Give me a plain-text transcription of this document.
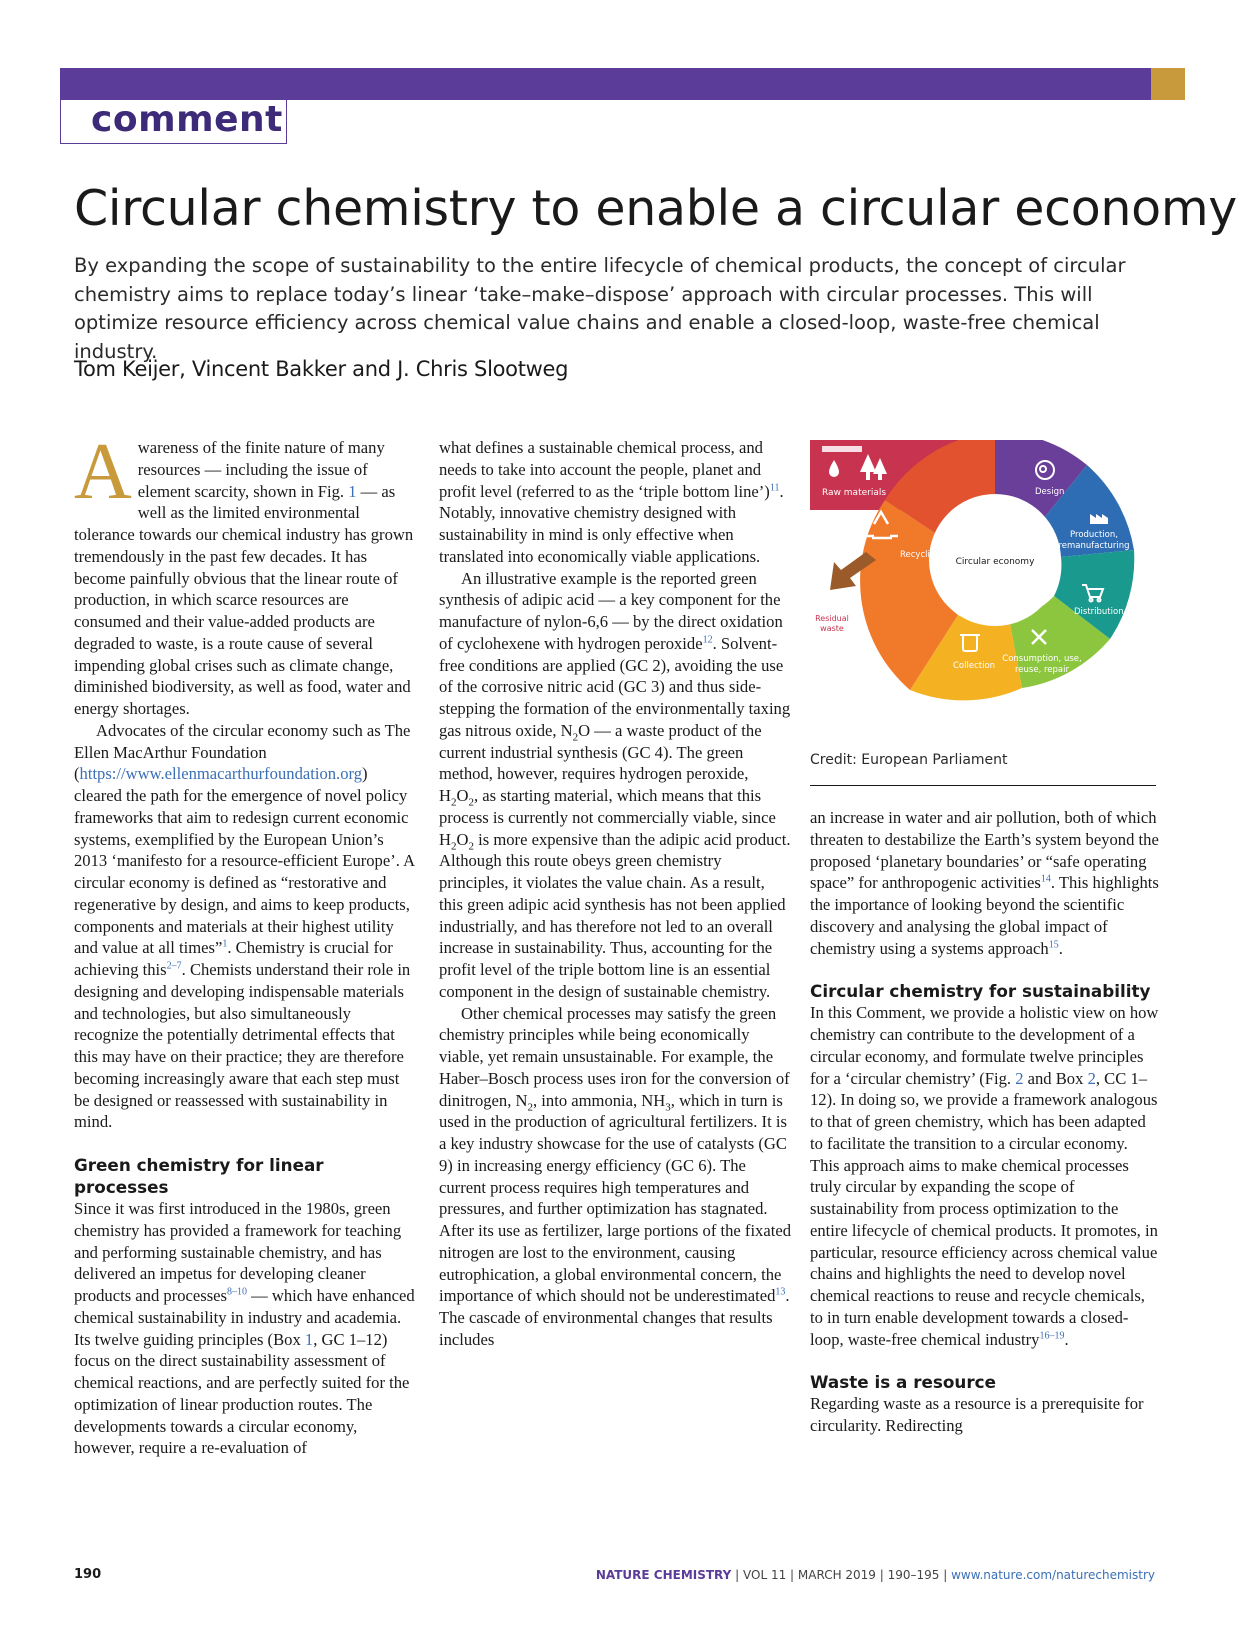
comment
Circular chemistry to enable a circular economy
By expanding the scope of sustainability to the entire lifecycle of chemical products, the concept of circular chemistry aims to replace today’s linear ‘take–make–dispose’ approach with circular processes. This will optimize resource efficiency across chemical value chains and enable a closed-loop, waste-free chemical industry.
Tom Keijer, Vincent Bakker and J. Chris Slootweg

Awareness of the finite nature of many resources — including the issue of element scarcity, shown in Fig. 1 — as well as the limited environmental tolerance towards our chemical industry has grown tremendously in the past few decades. It has become painfully obvious that the linear route of production, in which scarce resources are consumed and their value-added products are degraded to waste, is a route cause of several impending global crises such as climate change, diminished biodiversity, as well as food, water and energy shortages.

Advocates of the circular economy such as The Ellen MacArthur Foundation (https://www.ellenmacarthurfoundation.org) cleared the path for the emergence of novel policy frameworks that aim to redesign current economic systems, exemplified by the European Union’s 2013 ‘manifesto for a resource-efficient Europe’. A circular economy is defined as “restorative and regenerative by design, and aims to keep products, components and materials at their highest utility and value at all times”$^1$. Chemistry is crucial for achieving this$^{2-7}$. Chemists understand their role in designing and developing indispensable materials and technologies, but also simultaneously recognize the potentially detrimental effects that this may have on their practice; they are therefore becoming increasingly aware that each step must be designed or reassessed with sustainability in mind.

Green chemistry for linear processes

Since it was first introduced in the 1980s, green chemistry has provided a framework for teaching and performing sustainable chemistry, and has delivered an impetus for developing cleaner products and processes$^{8-10}$ — which have enhanced chemical sustainability in industry and academia. Its twelve guiding principles (Box 1, GC 1–12) focus on the direct sustainability assessment of chemical reactions, and are perfectly suited for the optimization of linear production routes. The developments towards a circular economy, however, require a re-evaluation of

what defines a sustainable chemical process, and needs to take into account the people, planet and profit level (referred to as the ‘triple bottom line’)$^{11}$. Notably, innovative chemistry designed with sustainability in mind is only effective when translated into economically viable applications.

An illustrative example is the reported green synthesis of adipic acid — a key component for the manufacture of nylon-6,6 — by the direct oxidation of cyclohexene with hydrogen peroxide$^{12}$. Solvent-free conditions are applied (GC 2), avoiding the use of the corrosive nitric acid (GC 3) and thus side-stepping the formation of the environmentally taxing gas nitrous oxide, $N_2O$ — a waste product of the current industrial synthesis (GC 4). The green method, however, requires hydrogen peroxide, $H_2O_2$, as starting material, which means that this process is currently not commercially viable, since $H_2O_2$ is more expensive than the adipic acid product. Although this route obeys green chemistry principles, it violates the value chain. As a result, this green adipic acid synthesis has not been applied industrially, and has therefore not led to an overall increase in sustainability. Thus, accounting for the profit level of the triple bottom line is an essential component in the design of sustainable chemistry.

Other chemical processes may satisfy the green chemistry principles while being economically viable, yet remain unsustainable. For example, the Haber–Bosch process uses iron for the conversion of dinitrogen, $N_2$, into ammonia, $NH_3$, which in turn is used in the production of agricultural fertilizers. It is a key industry showcase for the use of catalysts (GC 9) in increasing energy efficiency (GC 6). The current process requires high temperatures and pressures, and further optimization has stagnated. After its use as fertilizer, large portions of the fixated nitrogen are lost to the environment, causing eutrophication, a global environmental concern, the importance of which should not be underestimated$^{13}$. The cascade of environmental changes that results includes

Raw materials
Circular economy
Residual
waste
Design
Production,
remanufacturing
Distribution
Consumption, use,
reuse, repair
Collection
Recycling
Credit: European Parliament

an increase in water and air pollution, both of which threaten to destabilize the Earth’s system beyond the proposed ‘planetary boundaries’ or “safe operating space” for anthropogenic activities$^{14}$. This highlights the importance of looking beyond the scientific discovery and analysing the global impact of chemistry using a systems approach$^{15}$.

Circular chemistry for sustainability

In this Comment, we provide a holistic view on how chemistry can contribute to the development of a circular economy, and formulate twelve principles for a ‘circular chemistry’ (Fig. 2 and Box 2, CC 1–12). In doing so, we provide a framework analogous to that of green chemistry, which has been adapted to facilitate the transition to a circular economy. This approach aims to make chemical processes truly circular by expanding the scope of sustainability from process optimization to the entire lifecycle of chemical products. It promotes, in particular, resource efficiency across chemical value chains and highlights the need to develop novel chemical reactions to reuse and recycle chemicals, to in turn enable development towards a closed-loop, waste-free chemical industry$^{16-19}$.

Waste is a resource

Regarding waste as a resource is a prerequisite for circularity. Redirecting

190	NATURE CHEMISTRY | VOL 11 | MARCH 2019 | 190–195 | www.nature.com/naturechemistry
